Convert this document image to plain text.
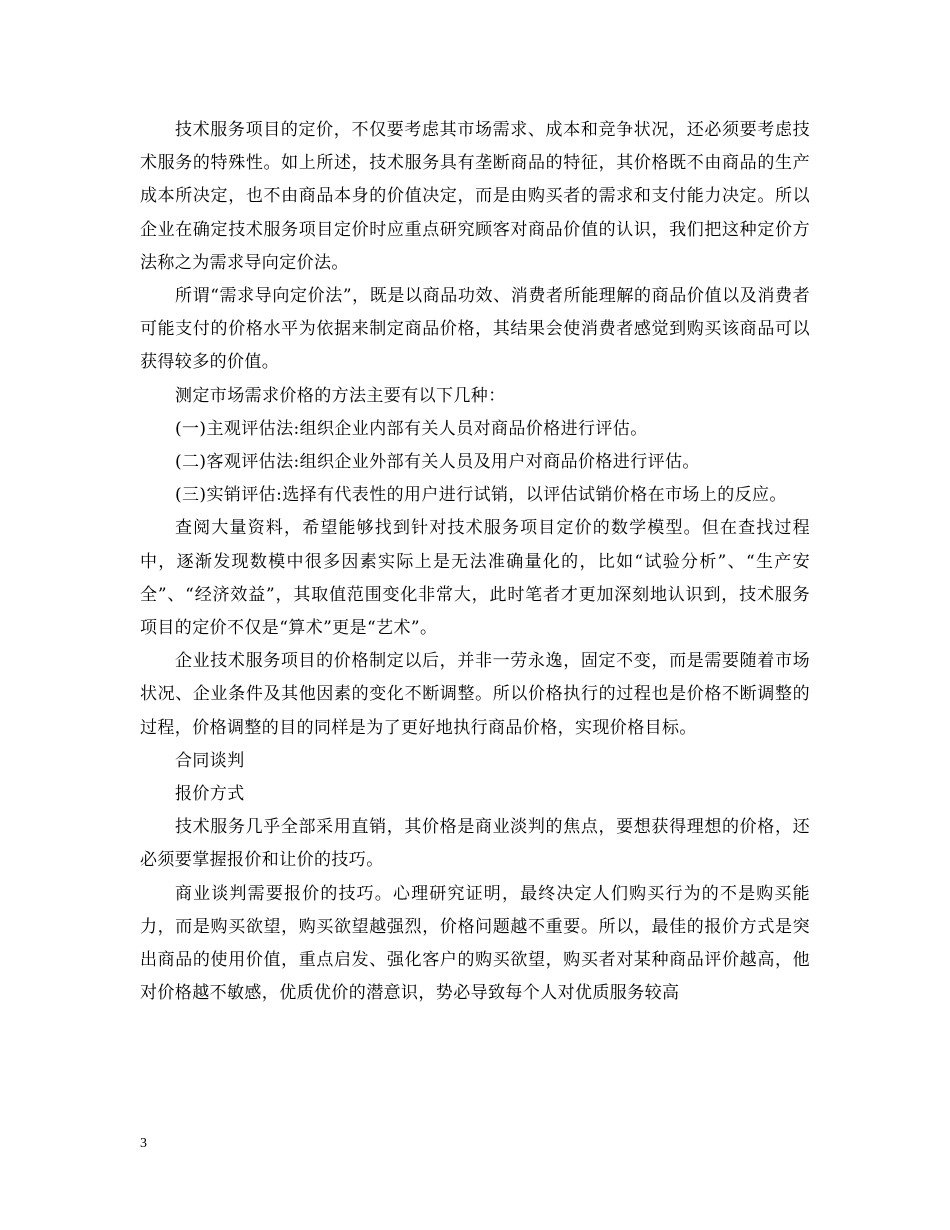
技术服务项目的定价，不仅要考虑其市场需求、成本和竞争状况，还必须要考虑技术服务的特殊性。如上所述，技术服务具有垄断商品的特征，其价格既不由商品的生产成本所决定，也不由商品本身的价值决定，而是由购买者的需求和支付能力决定。所以企业在确定技术服务项目定价时应重点研究顾客对商品价值的认识，我们把这种定价方法称之为需求导向定价法。

所谓“需求导向定价法”，既是以商品功效、消费者所能理解的商品价值以及消费者可能支付的价格水平为依据来制定商品价格，其结果会使消费者感觉到购买该商品可以获得较多的价值。

测定市场需求价格的方法主要有以下几种：

(一)主观评估法:组织企业内部有关人员对商品价格进行评估。

(二)客观评估法:组织企业外部有关人员及用户对商品价格进行评估。

(三)实销评估:选择有代表性的用户进行试销，以评估试销价格在市场上的反应。

查阅大量资料，希望能够找到针对技术服务项目定价的数学模型。但在查找过程中，逐渐发现数模中很多因素实际上是无法准确量化的，比如“试验分析”、“生产安全”、“经济效益”，其取值范围变化非常大，此时笔者才更加深刻地认识到，技术服务项目的定价不仅是“算术”更是“艺术”。

企业技术服务项目的价格制定以后，并非一劳永逸，固定不变，而是需要随着市场状况、企业条件及其他因素的变化不断调整。所以价格执行的过程也是价格不断调整的过程，价格调整的目的同样是为了更好地执行商品价格，实现价格目标。

合同谈判

报价方式

技术服务几乎全部采用直销，其价格是商业淡判的焦点，要想获得理想的价格，还必须要掌握报价和让价的技巧。

商业谈判需要报价的技巧。心理研究证明，最终决定人们购买行为的不是购买能力，而是购买欲望，购买欲望越强烈，价格问题越不重要。所以，最佳的报价方式是突出商品的使用价值，重点启发、强化客户的购买欲望，购买者对某种商品评价越高，他对价格越不敏感，优质优价的潜意识，势必导致每个人对优质服务较高

3
